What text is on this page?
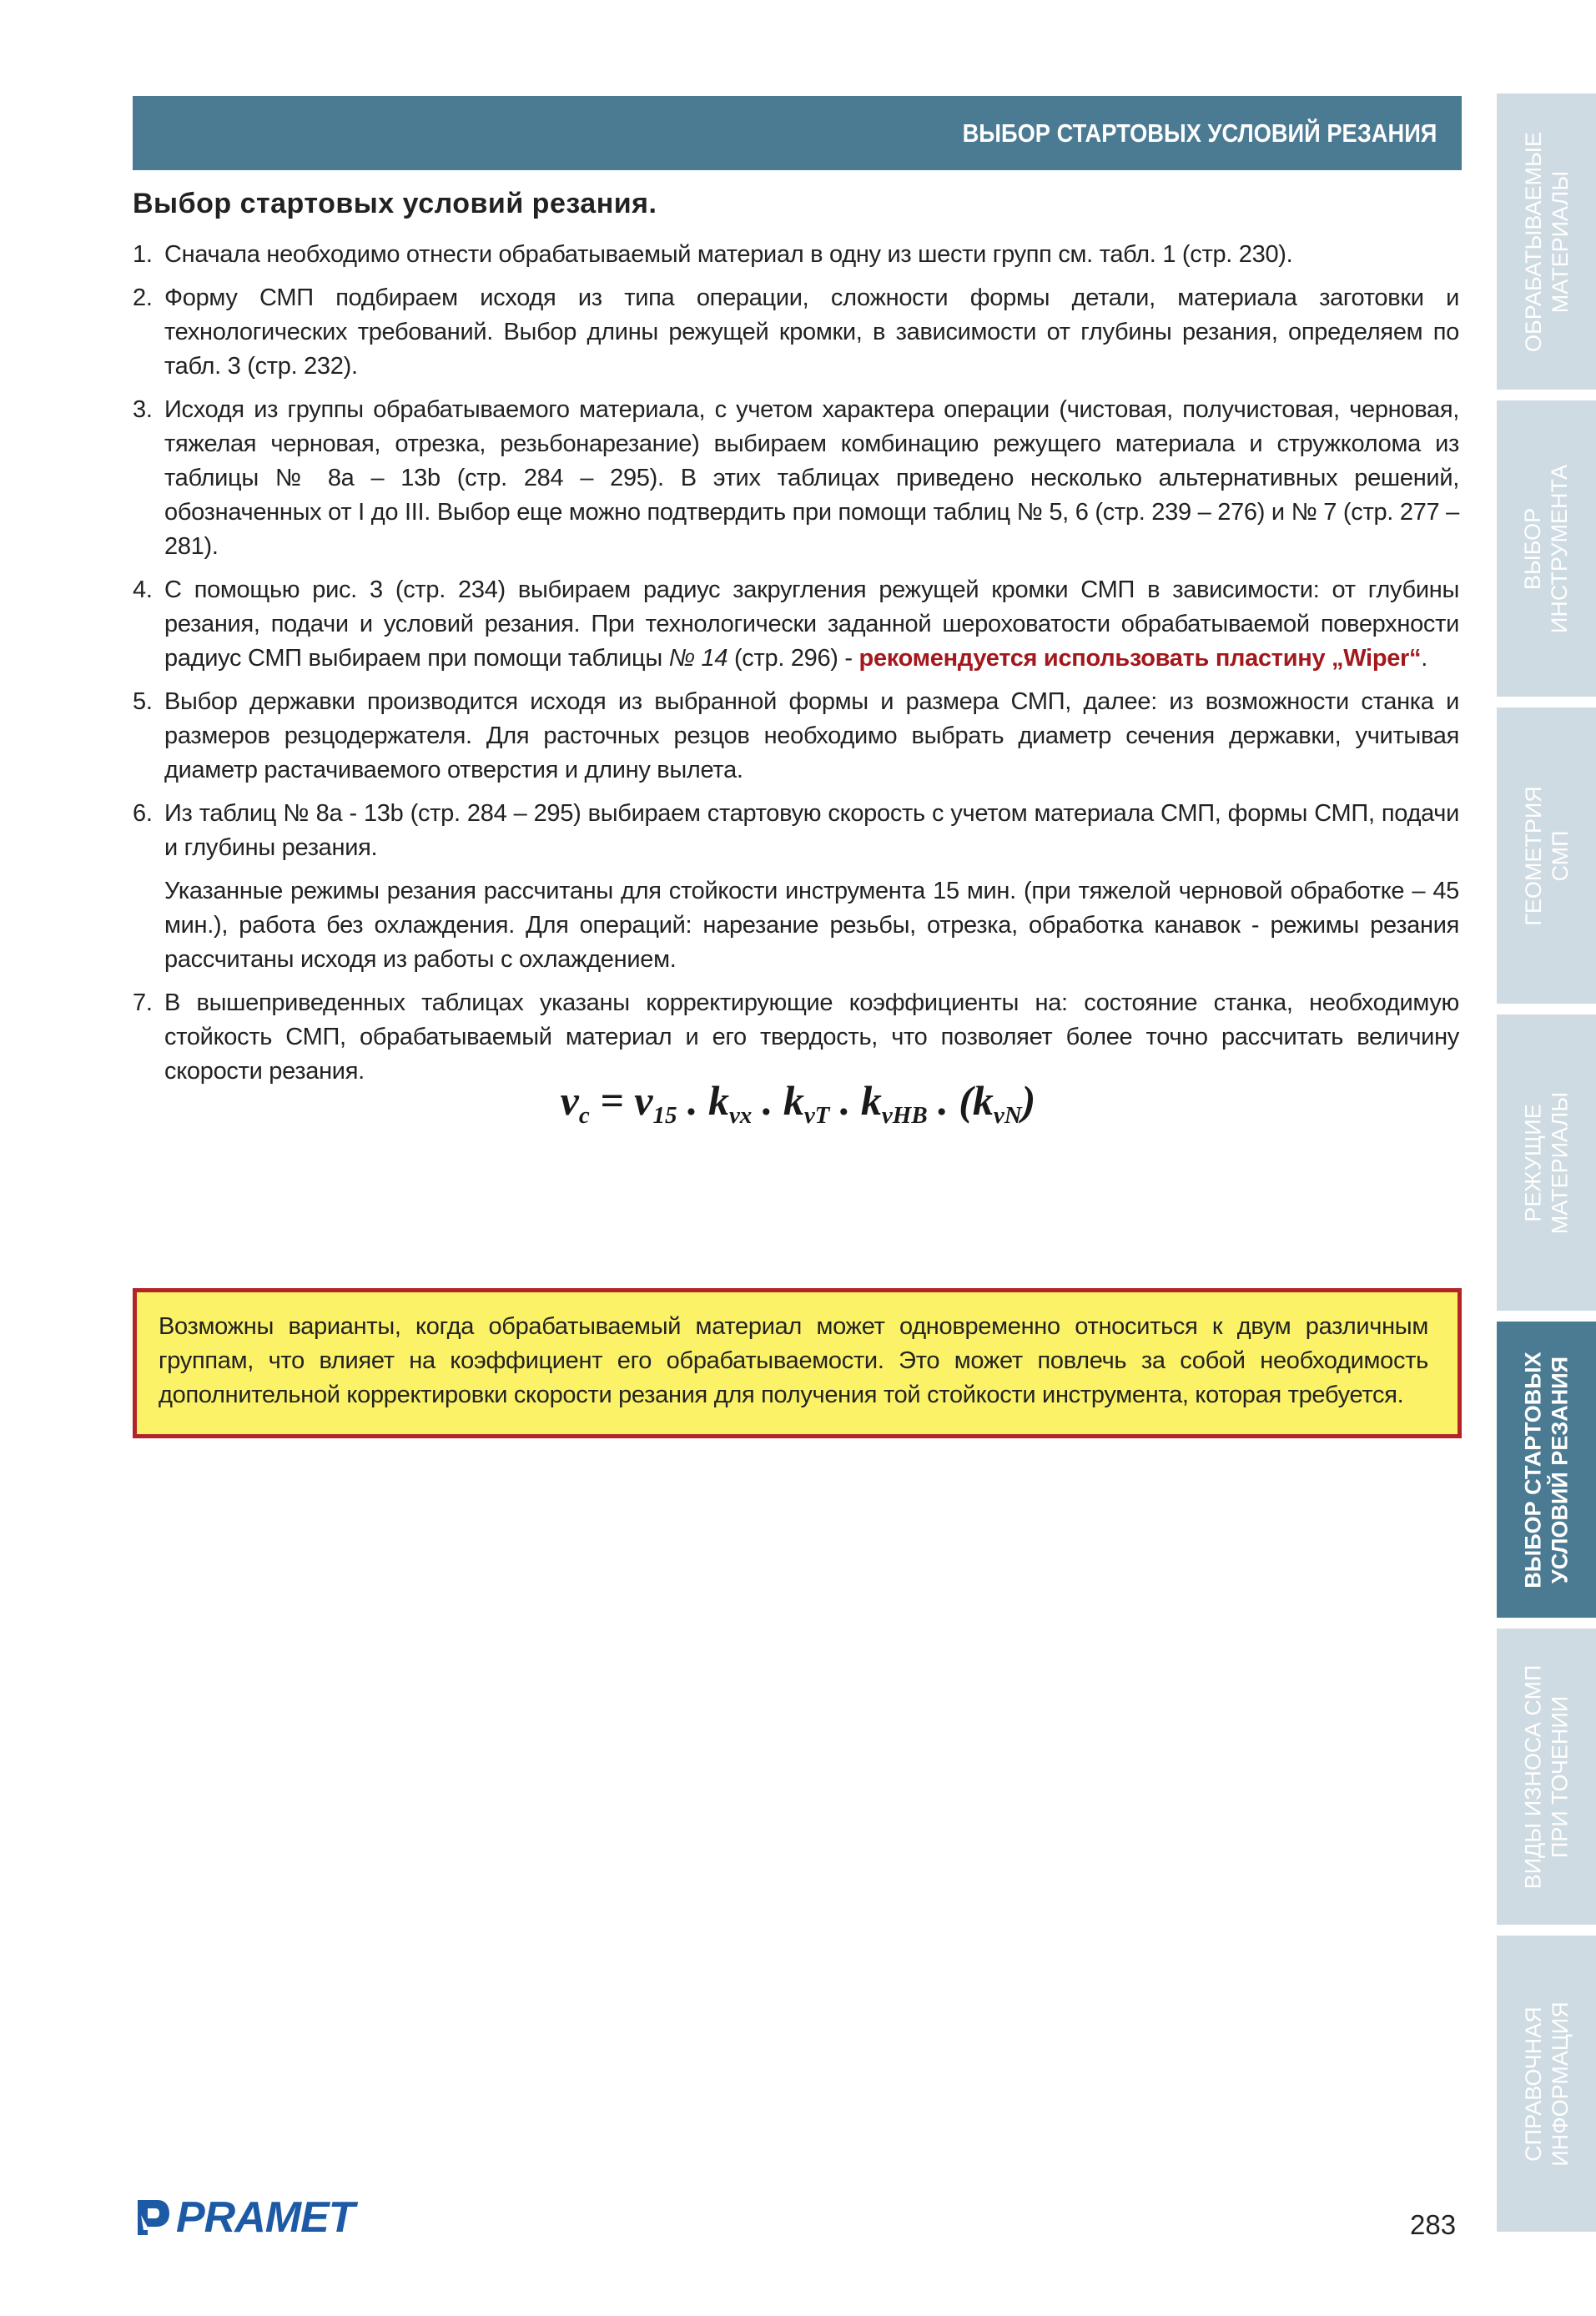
ВЫБОР СТАРТОВЫХ УСЛОВИЙ РЕЗАНИЯ
Выбор стартовых условий резания.
1. Сначала необходимо отнести обрабатываемый материал в одну из шести групп см. табл. 1 (стр. 230).
2. Форму СМП подбираем исходя из типа операции, сложности формы детали, материала заготовки и технологических требований. Выбор длины режущей кромки, в зависимости от глубины резания, определяем по табл. 3 (стр. 232).
3. Исходя из группы обрабатываемого материала, с учетом характера операции (чистовая, получистовая, черновая, тяжелая черновая, отрезка, резьбонарезание) выбираем комбинацию режущего материала и стружколома из таблицы № 8a – 13b (стр. 284 – 295). В этих таблицах приведено несколько альтернативных решений, обозначенных от I до III. Выбор еще можно подтвердить при помощи таблиц № 5, 6 (стр. 239 – 276) и № 7 (стр. 277 – 281).
4. С помощью рис. 3 (стр. 234) выбираем радиус закругления режущей кромки СМП в зависимости: от глубины резания, подачи и условий резания. При технологически заданной шероховатости обрабатываемой поверхности радиус СМП выбираем при помощи таблицы № 14 (стр. 296) - рекомендуется использовать пластину „Wiper“.
5. Выбор державки производится исходя из выбранной формы и размера СМП, далее: из возможности станка и размеров резцодержателя. Для расточных резцов необходимо выбрать диаметр сечения державки, учитывая диаметр растачиваемого отверстия и длину вылета.
6. Из таблиц № 8a - 13b (стр. 284 – 295) выбираем стартовую скорость с учетом материала СМП, формы СМП, подачи и глубины резания.
Указанные режимы резания рассчитаны для стойкости инструмента 15 мин. (при тяжелой черновой обработке – 45 мин.), работа без охлаждения. Для операций: нарезание резьбы, отрезка, обработка канавок - режимы резания рассчитаны исходя из работы с охлаждением.
7. В вышеприведенных таблицах указаны корректирующие коэффициенты на: состояние станка, необходимую стойкость СМП, обрабатываемый материал и его твердость, что позволяет более точно рассчитать величину скорости резания.
$v_c = v_{15}$ . $k_{vx}$ . $k_{vT}$ . $k_{vHB}$ . $(k_{vN})$
Возможны варианты, когда обрабатываемый материал может одновременно относиться к двум различным группам, что влияет на коэффициент его обрабатываемости. Это может повлечь за собой необходимость дополнительной корректировки скорости резания для получения той стойкости инструмента, которая требуется.
ОБРАБАТЫВАЕМЫЕ
МАТЕРИАЛЫ
ВЫБОР
ИНСТРУМЕНТА
ГЕОМЕТРИЯ
СМП
РЕЖУЩИЕ
МАТЕРИАЛЫ
ВЫБОР СТАРТОВЫХ
УСЛОВИЙ РЕЗАНИЯ
ВИДЫ ИЗНОСА СМП
ПРИ ТОЧЕНИИ
СПРАВОЧНАЯ
ИНФОРМАЦИЯ
PRAMET	283
